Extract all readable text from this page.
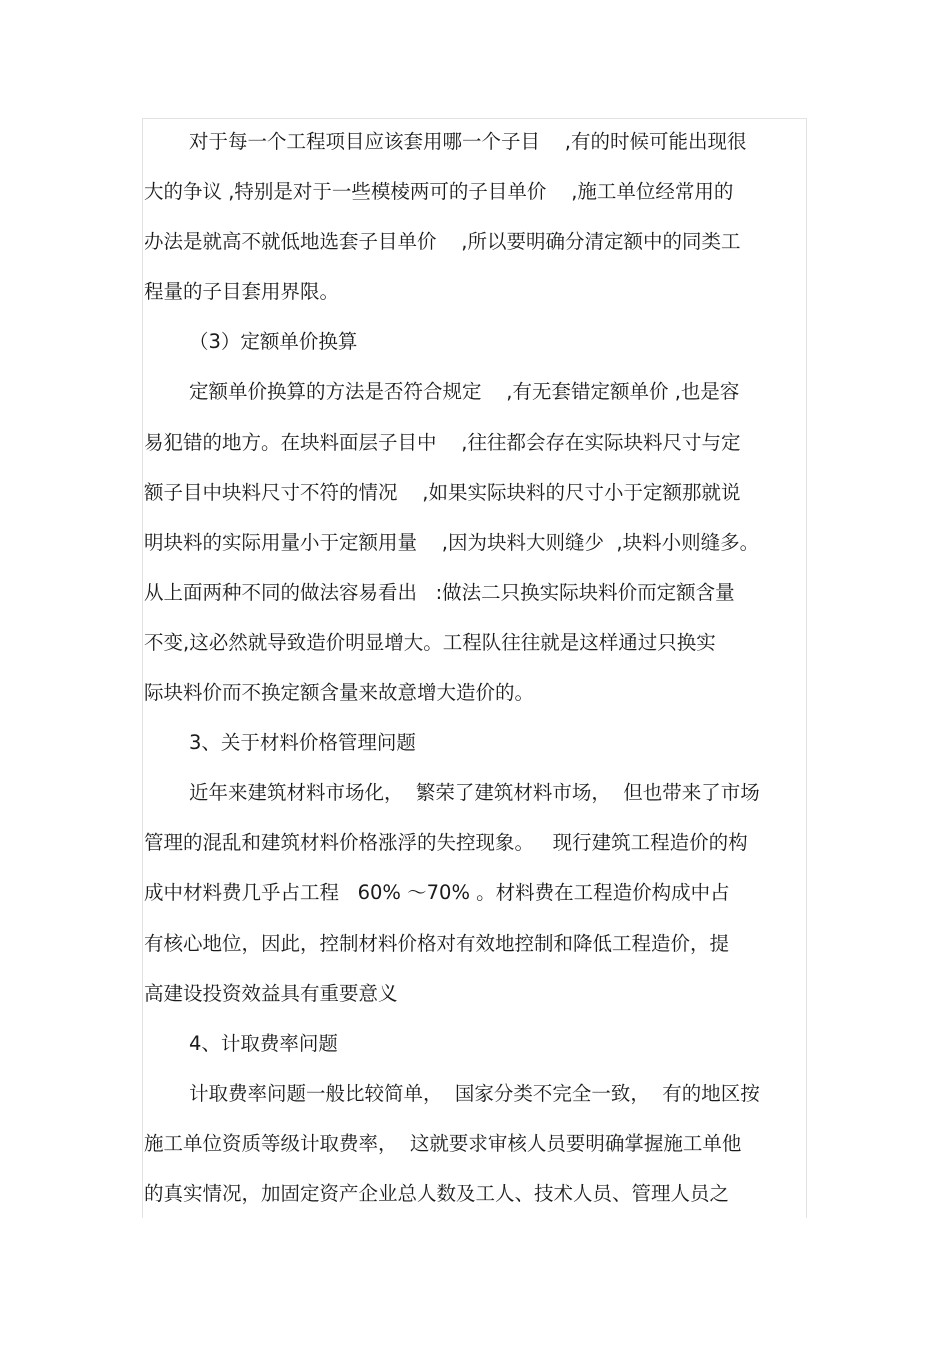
对于每一个工程项目应该套用哪一个子目    ,有的时候可能出现很
大的争议 ,特别是对于一些模棱两可的子目单价    ,施工单位经常用的
办法是就高不就低地选套子目单价    ,所以要明确分清定额中的同类工
程量的子目套用界限。
（3）定额单价换算
定额单价换算的方法是否符合规定    ,有无套错定额单价 ,也是容
易犯错的地方。在块料面层子目中    ,往往都会存在实际块料尺寸与定
额子目中块料尺寸不符的情况    ,如果实际块料的尺寸小于定额那就说
明块料的实际用量小于定额用量    ,因为块料大则缝少  ,块料小则缝多。
从上面两种不同的做法容易看出   :做法二只换实际块料价而定额含量
不变,这必然就导致造价明显增大。工程队往往就是这样通过只换实
际块料价而不换定额含量来故意增大造价的。
3、关于材料价格管理问题
近年来建筑材料市场化，  繁荣了建筑材料市场，  但也带来了市场
管理的混乱和建筑材料价格涨浮的失控现象。   现行建筑工程造价的构
成中材料费几乎占工程   60% ～70% 。材料费在工程造价构成中占
有核心地位，因此，控制材料价格对有效地控制和降低工程造价，提
高建设投资效益具有重要意义
4、计取费率问题
计取费率问题一般比较简单，  国家分类不完全一致，  有的地区按
施工单位资质等级计取费率，  这就要求审核人员要明确掌握施工单他
的真实情况，加固定资产企业总人数及工人、技术人员、管理人员之
